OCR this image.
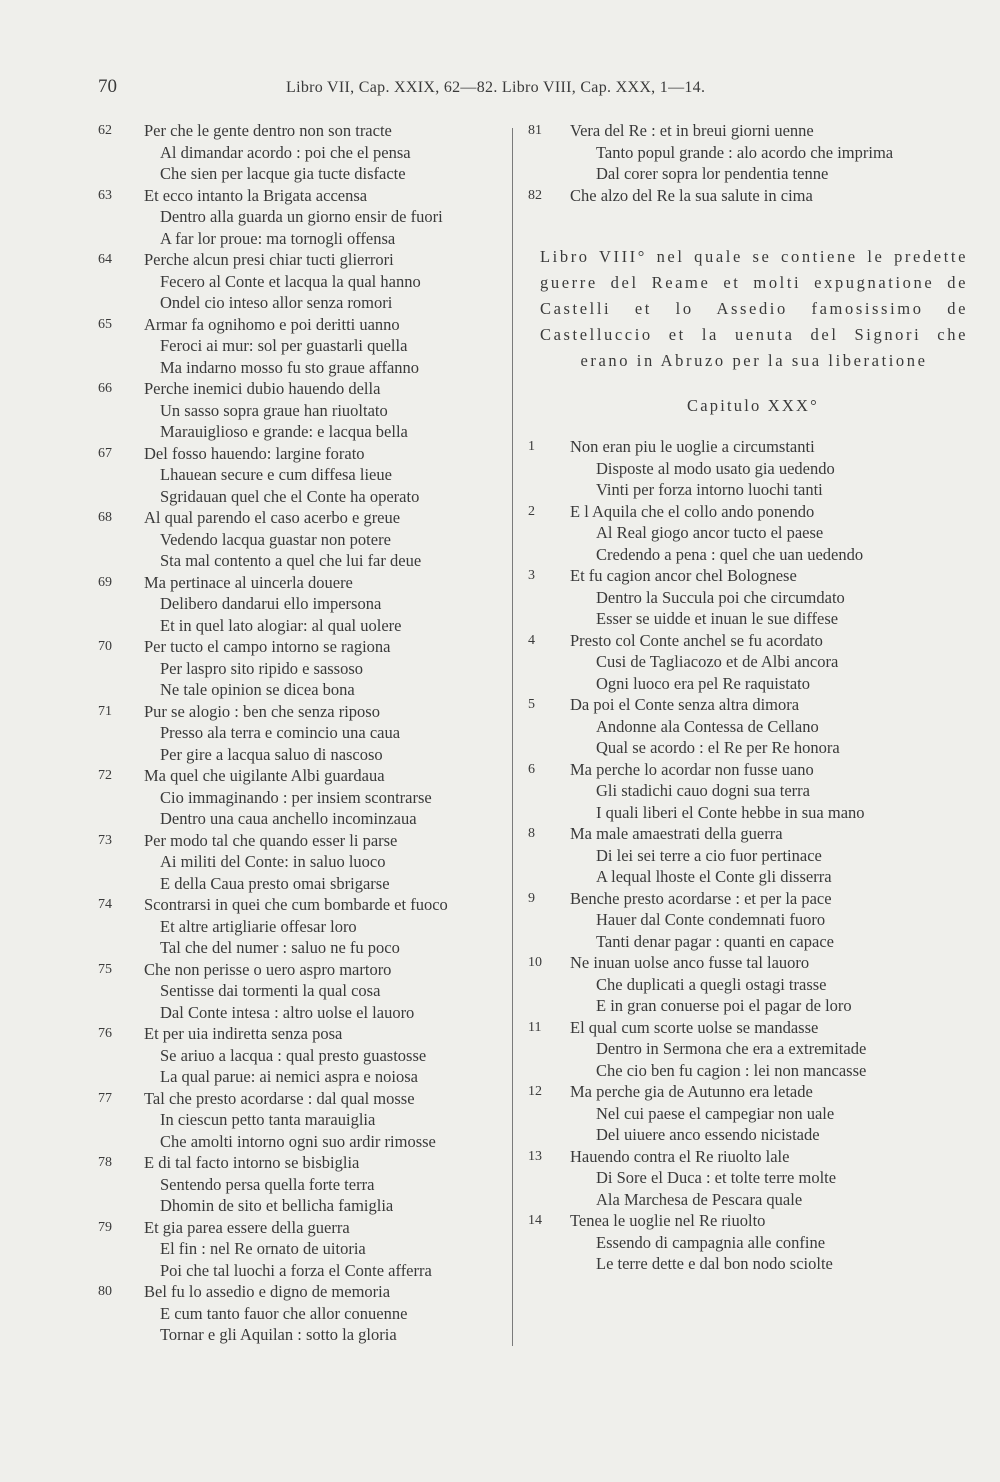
70	Libro VII, Cap. XXIX, 62—82. Libro VIII, Cap. XXX, 1—14.
62	Per che le gente dentro non son tracte
Al dimandar acordo : poi che el pensa
Che sien per lacque gia tucte disfacte
63	Et ecco intanto la Brigata accensa
Dentro alla guarda un giorno ensir de fuori
A far lor proue: ma tornogli offensa
64	Perche alcun presi chiar tucti glierrori
Fecero al Conte et lacqua la qual hanno
Ondel cio inteso allor senza romori
65	Armar fa ognihomo e poi deritti uanno
Feroci ai mur: sol per guastarli quella
Ma indarno mosso fu sto graue affanno
66	Perche inemici dubio hauendo della
Un sasso sopra graue han riuoltato
Marauiglioso e grande: e lacqua bella
67	Del fosso hauendo: largine forato
Lhauean secure e cum diffesa lieue
Sgridauan quel che el Conte ha operato
68	Al qual parendo el caso acerbo e greue
Vedendo lacqua guastar non potere
Sta mal contento a quel che lui far deue
69	Ma pertinace al uincerla douere
Delibero dandarui ello impersona
Et in quel lato alogiar: al qual uolere
70	Per tucto el campo intorno se ragiona
Per laspro sito ripido e sassoso
Ne tale opinion se dicea bona
71	Pur se alogio : ben che senza riposo
Presso ala terra e comincio una caua
Per gire a lacqua saluo di nascoso
72	Ma quel che uigilante Albi guardaua
Cio immaginando : per insiem scontrarse
Dentro una caua anchello incominzaua
73	Per modo tal che quando esser li parse
Ai militi del Conte: in saluo luoco
E della Caua presto omai sbrigarse
74	Scontrarsi in quei che cum bombarde et fuoco
Et altre artigliarie offesar loro
Tal che del numer : saluo ne fu poco
75	Che non perisse o uero aspro martoro
Sentisse dai tormenti la qual cosa
Dal Conte intesa : altro uolse el lauoro
76	Et per uia indiretta senza posa
Se ariuo a lacqua : qual presto guastosse
La qual parue: ai nemici aspra e noiosa
77	Tal che presto acordarse : dal qual mosse
In ciescun petto tanta marauiglia
Che amolti intorno ogni suo ardir rimosse
78	E di tal facto intorno se bisbiglia
Sentendo persa quella forte terra
Dhomin de sito et bellicha famiglia
79	Et gia parea essere della guerra
El fin : nel Re ornato de uitoria
Poi che tal luochi a forza el Conte afferra
80	Bel fu lo assedio e digno de memoria
E cum tanto fauor che allor conuenne
Tornar e gli Aquilan : sotto la gloria
81	Vera del Re : et in breui giorni uenne
Tanto popul grande : alo acordo che imprima
Dal corer sopra lor pendentia tenne
82	Che alzo del Re la sua salute in cima
Libro VIII° nel quale se contiene le predette guerre del Reame et molti expugnatione de Castelli et lo Assedio famosissimo de Castelluccio et la uenuta del Signori che erano in Abruzo per la sua liberatione
Capitulo XXX°
1	Non eran piu le uoglie a circumstanti
Disposte al modo usato gia uedendo
Vinti per forza intorno luochi tanti
2	E l Aquila che el collo ando ponendo
Al Real giogo ancor tucto el paese
Credendo a pena : quel che uan uedendo
3	Et fu cagion ancor chel Bolognese
Dentro la Succula poi che circumdato
Esser se uidde et inuan le sue diffese
4	Presto col Conte anchel se fu acordato
Cusi de Tagliacozo et de Albi ancora
Ogni luoco era pel Re raquistato
5	Da poi el Conte senza altra dimora
Andonne ala Contessa de Cellano
Qual se acordo : el Re per Re honora
6	Ma perche lo acordar non fusse uano
Gli stadichi cauo dogni sua terra
I quali liberi el Conte hebbe in sua mano
8	Ma male amaestrati della guerra
Di lei sei terre a cio fuor pertinace
A lequal lhoste el Conte gli disserra
9	Benche presto acordarse : et per la pace
Hauer dal Conte condemnati fuoro
Tanti denar pagar : quanti en capace
10	Ne inuan uolse anco fusse tal lauoro
Che duplicati a quegli ostagi trasse
E in gran conuerse poi el pagar de loro
11	El qual cum scorte uolse se mandasse
Dentro in Sermona che era a extremitade
Che cio ben fu cagion : lei non mancasse
12	Ma perche gia de Autunno era letade
Nel cui paese el campegiar non uale
Del uiuere anco essendo nicistade
13	Hauendo contra el Re riuolto lale
Di Sore el Duca : et tolte terre molte
Ala Marchesa de Pescara quale
14	Tenea le uoglie nel Re riuolto
Essendo di campagnia alle confine
Le terre dette e dal bon nodo sciolte
